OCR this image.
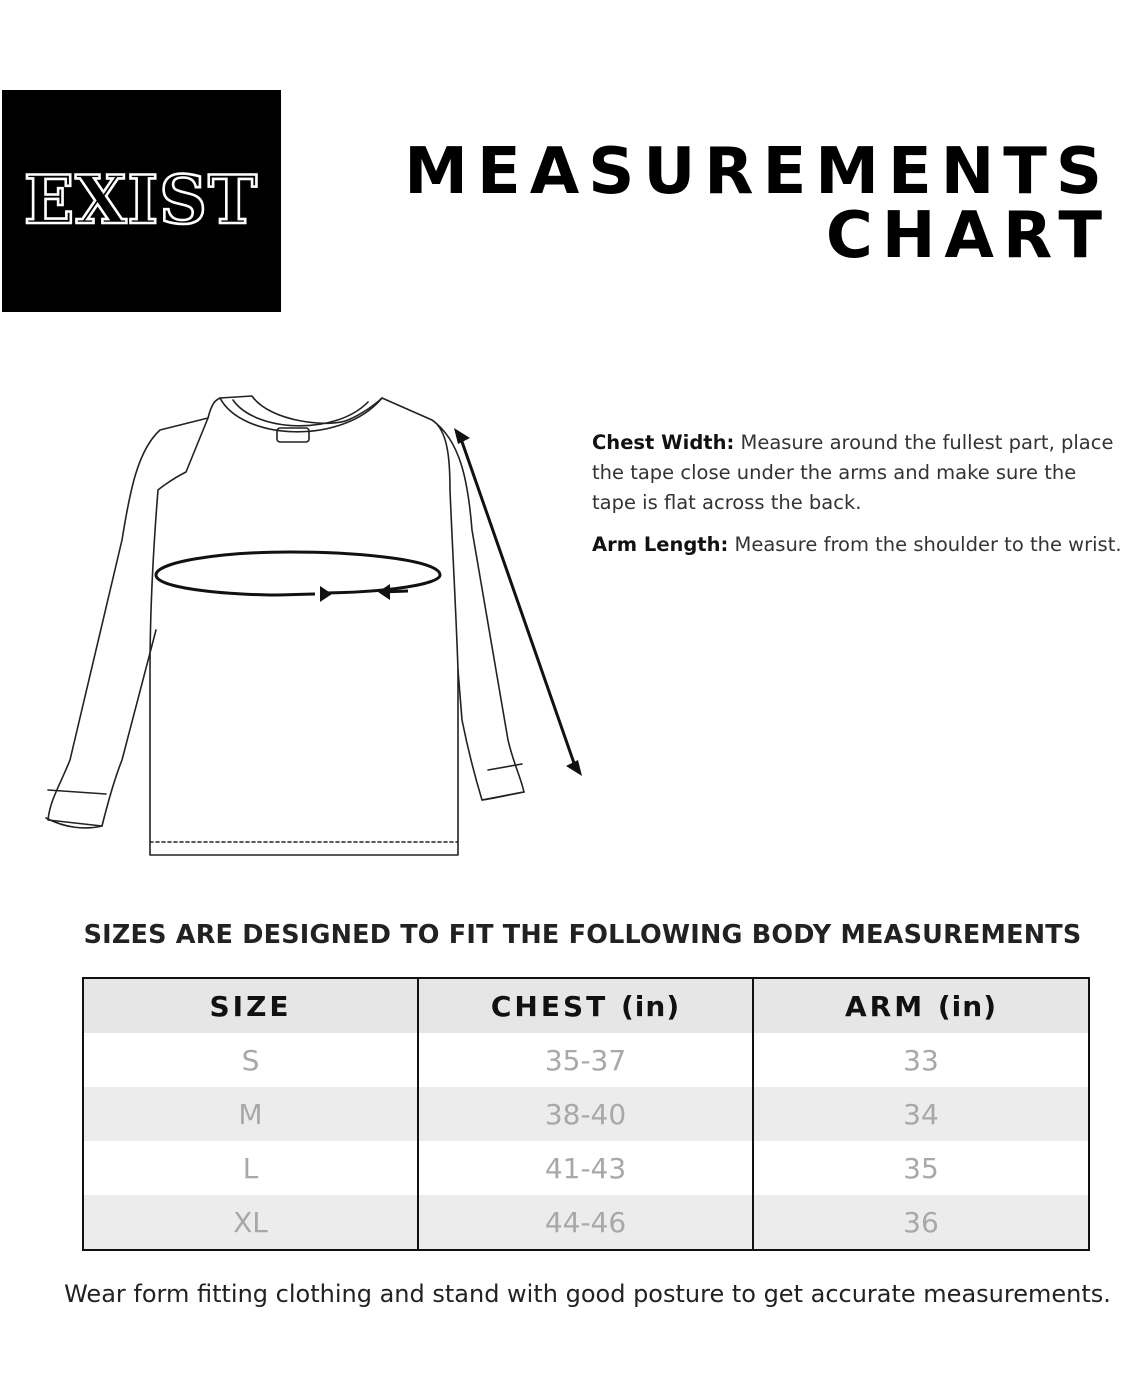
EXIST MEASUREMENTS
CHART

Chest Width: Measure around the fullest part, place the tape close under the arms and make sure the tape is flat across the back.

Arm Length: Measure from the shoulder to the wrist.

SIZES ARE DESIGNED TO FIT THE FOLLOWING BODY MEASUREMENTS
SIZE	CHEST (in)	ARM (in)
S	35-37	33
M	38-40	34
L	41-43	35
XL	44-46	36
Wear form fitting clothing and stand with good posture to get accurate measurements.
